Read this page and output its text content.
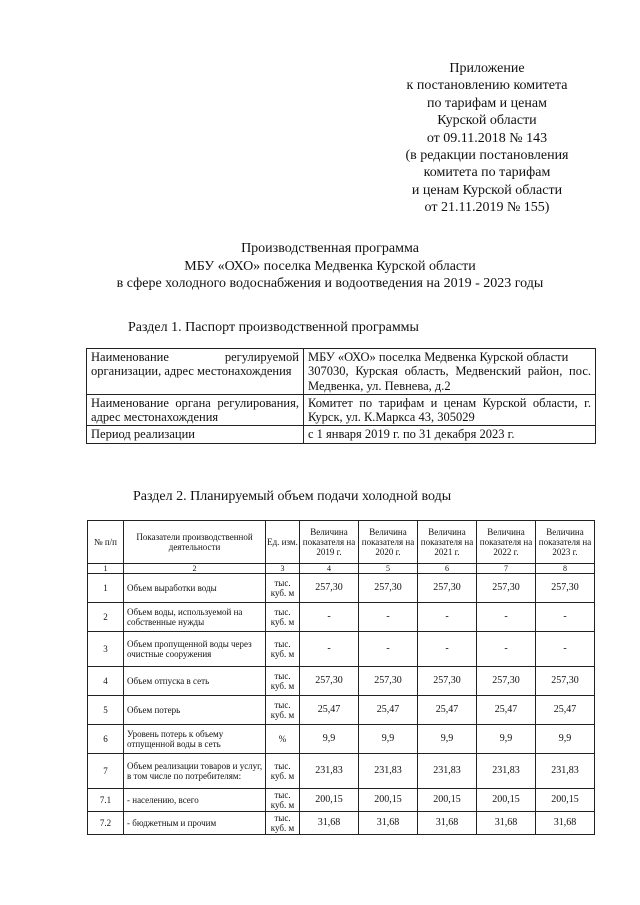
Приложение
к постановлению комитета
по тарифам и ценам
Курской области
от 09.11.2018 № 143
(в редакции постановления
комитета по тарифам
и ценам Курской области
от 21.11.2019 № 155)
Производственная программа
МБУ «ОХО» поселка Медвенка Курской области
в сфере холодного водоснабжения и водоотведения на 2019 - 2023 годы
Раздел 1. Паспорт производственной программы
Наименование регулируемой организации, адрес местонахождения	МБУ «ОХО» поселка Медвенка Курской области
307030, Курская область, Медвенский район, пос. Медвенка, ул. Певнева, д.2

Наименование органа регулирования, адрес местонахождения	Комитет по тарифам и ценам Курской области, г. Курск, ул. К.Маркса 43, 305029
Период реализации	с 1 января 2019 г. по 31 декабря 2023 г.
Раздел 2. Планируемый объем подачи холодной воды
№ п/п	Показатели производственной деятельности	Ед. изм.	Величина показателя на 2019 г.	Величина показателя на 2020 г.	Величина показателя на 2021 г.	Величина показателя на 2022 г.	Величина показателя на 2023 г.
1	2	3	4	5	6	7	8
1	Объем выработки воды	тыс. куб. м	257,30	257,30	257,30	257,30	257,30
2	Объем воды, используемой на собственные нужды	тыс. куб. м	-	-	-	-	-
3	Объем пропущенной воды через очистные сооружения	тыс. куб. м	-	-	-	-	-
4	Объем отпуска в сеть	тыс. куб. м	257,30	257,30	257,30	257,30	257,30
5	Объем потерь	тыс. куб. м	25,47	25,47	25,47	25,47	25,47
6	Уровень потерь к объему отпущенной воды в сеть	%	9,9	9,9	9,9	9,9	9,9
7	Объем реализации товаров и услуг, в том числе по потребителям:	тыс. куб. м	231,83	231,83	231,83	231,83	231,83
7.1	- населению, всего	тыс. куб. м	200,15	200,15	200,15	200,15	200,15
7.2	- бюджетным и прочим	тыс. куб. м	31,68	31,68	31,68	31,68	31,68
